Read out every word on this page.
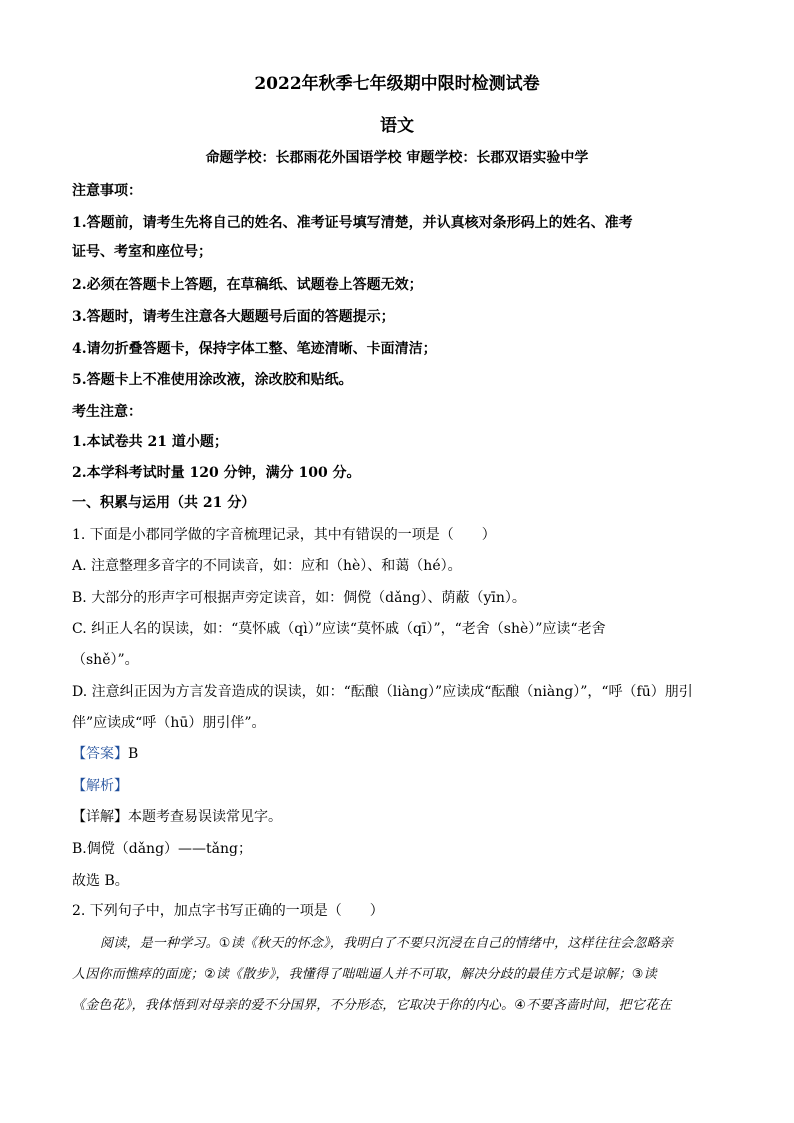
2022年秋季七年级期中限时检测试卷
语文
命题学校：长郡雨花外国语学校 审题学校：长郡双语实验中学
注意事项：
1.答题前，请考生先将自己的姓名、准考证号填写清楚，并认真核对条形码上的姓名、准考
证号、考室和座位号；
2.必须在答题卡上答题，在草稿纸、试题卷上答题无效；
3.答题时，请考生注意各大题题号后面的答题提示；
4.请勿折叠答题卡，保持字体工整、笔迹清晰、卡面清洁；
5.答题卡上不准使用涂改液，涂改胶和贴纸。
考生注意：
1.本试卷共 21 道小题；
2.本学科考试时量 120 分钟，满分 100 分。
一、积累与运用（共 21 分）
1. 下面是小郡同学做的字音梳理记录，其中有错误的一项是（　　）
A. 注意整理多音字的不同读音，如：应和（hè）、和蔼（hé）。
B. 大部分的形声字可根据声旁定读音，如：倜傥（dǎng）、荫蔽（yīn）。
C. 纠正人名的误读，如：“莫怀戚（qì）”应读“莫怀戚（qī）”，“老舍（shè）”应读“老舍
（shě）”。
D. 注意纠正因为方言发音造成的误读，如：“酝酿（liàng）”应读成“酝酿（niàng）”，“呼（fū）朋引
伴”应读成“呼（hū）朋引伴”。
【答案】B
【解析】
【详解】本题考查易误读常见字。
B.倜傥（dǎng）——tǎng；
故选 B。
2. 下列句子中，加点字书写正确的一项是（　　）
阅读，是一种学习。①读《秋天的怀念》，我明白了不要只沉浸在自己的情绪中，这样往往会忽略亲
人因你而憔瘁的面庞；②读《散步》，我懂得了咄咄逼人并不可取，解决分歧的最佳方式是谅解；③读
《金色花》，我体悟到对母亲的爱不分国界，不分形态，它取决于你的内心。④不要吝啬时间，把它花在
